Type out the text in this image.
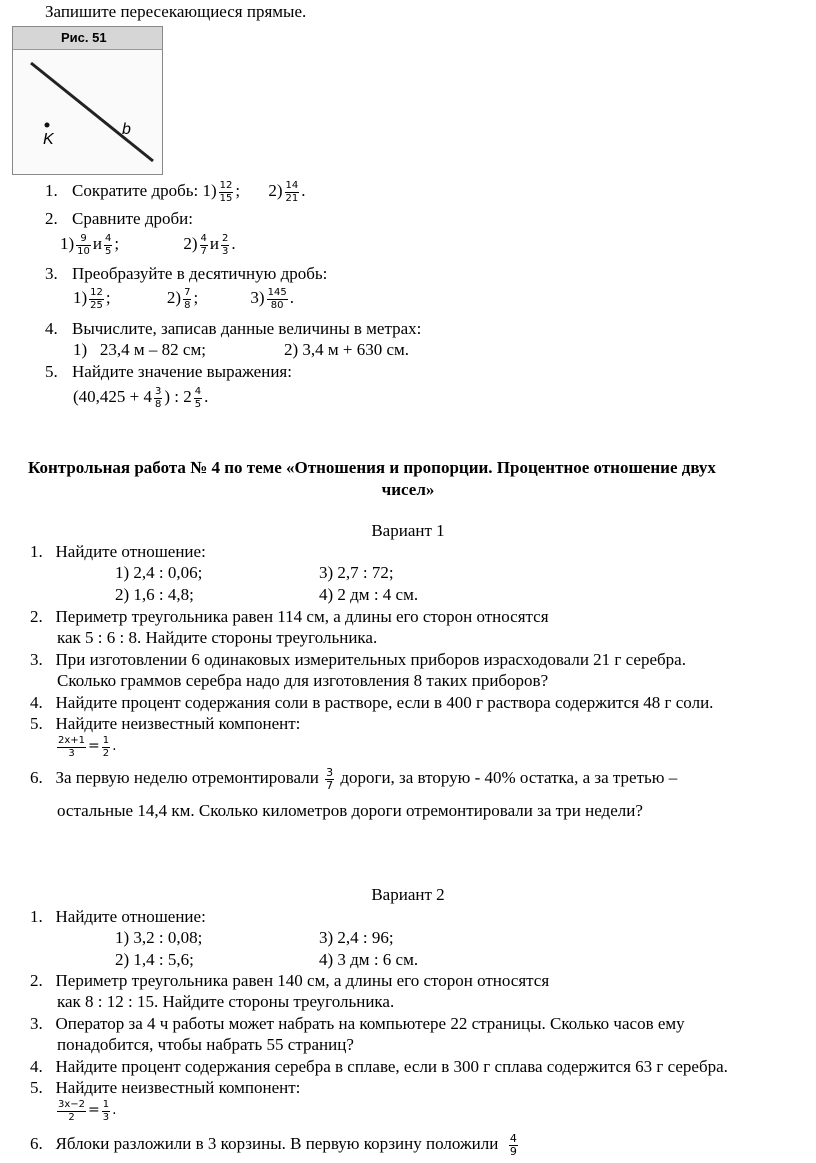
Запишите пересекающиеся прямые.
Рис. 51
K
b
1. Сократите дробь: $1) \frac{12}{15}$ ; $2) \frac{14}{21}$ .
2. Сравните дроби:
$1) \frac{9}{10}$ и $\frac{4}{5}$ ;	$2) \frac{4}{7}$ и $\frac{2}{3}$ .
3. Преобразуйте в десятичную дробь:
$1) \frac{12}{25}$ ;	$2) \frac{7}{8}$ ;	$3) \frac{145}{80}$ .
4. Вычислите, записав данные величины в метрах:
1)   23,4 м – 82 см;	2) 3,4 м + 630 см.
5. Найдите значение выражения:
($40,425 + 4 \frac{3}{8}$ ) : $2 \frac{4}{5}$ .
Контрольная работа № 4 по теме «Отношения и пропорции. Процентное отношение двух
чисел»
Вариант 1
1.   Найдите отношение:
1) 2,4 : 0,06;	3) 2,7 : 72;
2) 1,6 : 4,8;	4) 2 дм : 4 см.
2.   Периметр треугольника равен 114 см, а длины его сторон относятся
как 5 : 6 : 8. Найдите стороны треугольника.
3.   При изготовлении 6 одинаковых измерительных приборов израсходовали 21 г серебра.
Сколько граммов серебра надо для изготовления 8 таких приборов?
4.   Найдите процент содержания соли в растворе, если в 400 г раствора содержится 48 г соли.
5.   Найдите неизвестный компонент:
$\frac{2x+1}{3} = \frac{1}{2}$ .
6.   За первую неделю отремонтировали $\frac{3}{7}$ дороги, за вторую - 40% остатка, а за третью –
остальные 14,4 км. Сколько километров дороги отремонтировали за три недели?
Вариант 2
1.   Найдите отношение:
1) 3,2 : 0,08;	3) 2,4 : 96;
2) 1,4 : 5,6;	4) 3 дм : 6 см.
2.   Периметр треугольника равен 140 см, а длины его сторон относятся
как 8 : 12 : 15. Найдите стороны треугольника.
3.   Оператор за 4 ч работы может набрать на компьютере 22 страницы. Сколько часов ему
понадобится, чтобы набрать 55 страниц?
4.   Найдите процент содержания серебра в сплаве, если в 300 г сплава содержится 63 г серебра.
5.   Найдите неизвестный компонент:
$\frac{3x-2}{2} = \frac{1}{3}$ .
6.   Яблоки разложили в 3 корзины. В первую корзину положили $\frac{4}{9}$
